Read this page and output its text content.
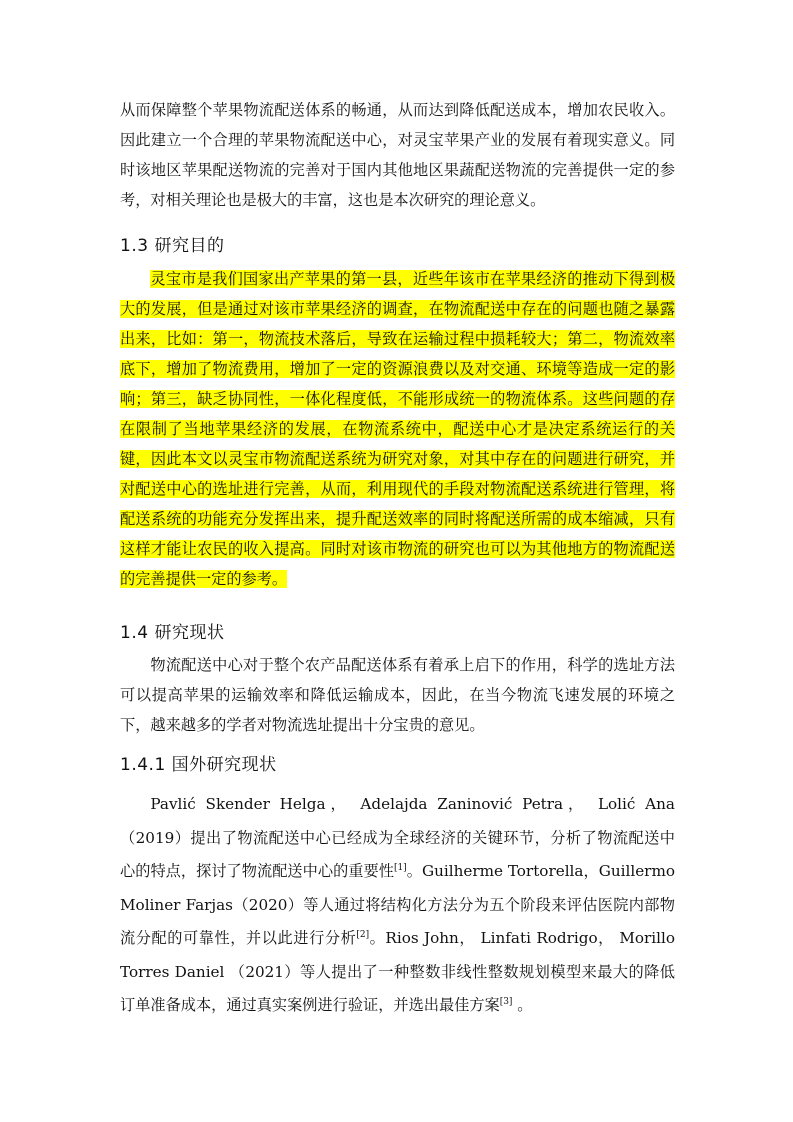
从而保障整个苹果物流配送体系的畅通，从而达到降低配送成本，增加农民收入。因此建立一个合理的苹果物流配送中心，对灵宝苹果产业的发展有着现实意义。同时该地区苹果配送物流的完善对于国内其他地区果蔬配送物流的完善提供一定的参考，对相关理论也是极大的丰富，这也是本次研究的理论意义。

1.3 研究目的

灵宝市是我们国家出产苹果的第一县，近些年该市在苹果经济的推动下得到极大的发展，但是通过对该市苹果经济的调查，在物流配送中存在的问题也随之暴露出来，比如：第一，物流技术落后，导致在运输过程中损耗较大；第二，物流效率底下，增加了物流费用，增加了一定的资源浪费以及对交通、环境等造成一定的影响；第三，缺乏协同性，一体化程度低，不能形成统一的物流体系。这些问题的存在限制了当地苹果经济的发展，在物流系统中，配送中心才是决定系统运行的关键，因此本文以灵宝市物流配送系统为研究对象，对其中存在的问题进行研究，并对配送中心的选址进行完善，从而，利用现代的手段对物流配送系统进行管理，将配送系统的功能充分发挥出来，提升配送效率的同时将配送所需的成本缩减，只有这样才能让农民的收入提高。同时对该市物流的研究也可以为其他地方的物流配送的完善提供一定的参考。

1.4 研究现状

物流配送中心对于整个农产品配送体系有着承上启下的作用，科学的选址方法可以提高苹果的运输效率和降低运输成本，因此，在当今物流飞速发展的环境之下，越来越多的学者对物流选址提出十分宝贵的意见。

1.4.1 国外研究现状

Pavlić Skender Helga， Adelajda Zaninović Petra， Lolić Ana（2019）提出了物流配送中心已经成为全球经济的关键环节，分析了物流配送中心的特点，探讨了物流配送中心的重要性[1]。Guilherme Tortorella，Guillermo Moliner Farjas（2020）等人通过将结构化方法分为五个阶段来评估医院内部物流分配的可靠性，并以此进行分析[2]。Rios John， Linfati Rodrigo， Morillo Torres Daniel （2021）等人提出了一种整数非线性整数规划模型来最大的降低订单准备成本，通过真实案例进行验证，并选出最佳方案[3] 。
